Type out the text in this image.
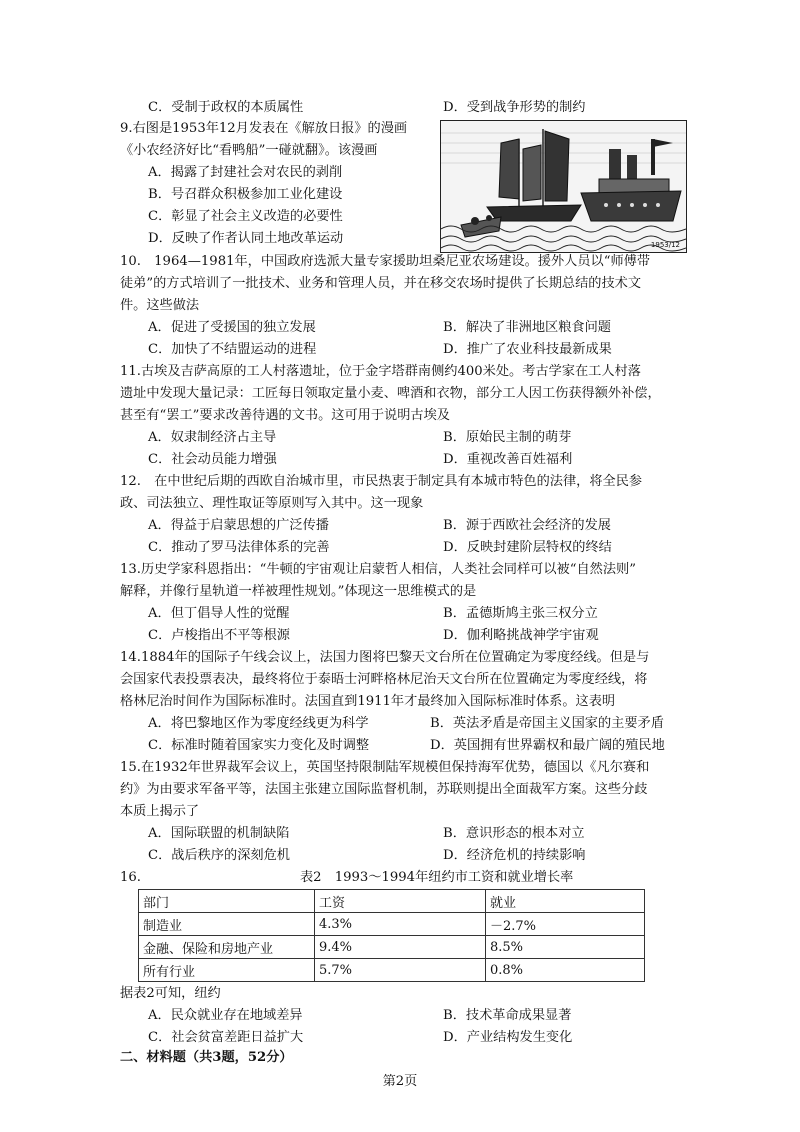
C．受制于政权的本质属性	D．受到战争形势的制约
9.右图是1953年12月发表在《解放日报》的漫画
《小农经济好比“看鸭船”一碰就翻》。该漫画
A．揭露了封建社会对农民的剥削
B．号召群众积极参加工业化建设
C．彰显了社会主义改造的必要性
D．反映了作者认同土地改革运动	1953/12
10.　1964—1981年，中国政府选派大量专家援助坦桑尼亚农场建设。援外人员以“师傅带
徒弟”的方式培训了一批技术、业务和管理人员，并在移交农场时提供了长期总结的技术文
件。这些做法
A．促进了受援国的独立发展	B．解决了非洲地区粮食问题
C．加快了不结盟运动的进程	D．推广了农业科技最新成果
11.古埃及吉萨高原的工人村落遗址，位于金字塔群南侧约400米处。考古学家在工人村落
遗址中发现大量记录：工匠每日领取定量小麦、啤酒和衣物，部分工人因工伤获得额外补偿，
甚至有“罢工”要求改善待遇的文书。这可用于说明古埃及
A．奴隶制经济占主导	B．原始民主制的萌芽
C．社会动员能力增强	D．重视改善百姓福利
12.　在中世纪后期的西欧自治城市里，市民热衷于制定具有本城市特色的法律，将全民参
政、司法独立、理性取证等原则写入其中。这一现象
A．得益于启蒙思想的广泛传播	B．源于西欧社会经济的发展
C．推动了罗马法律体系的完善	D．反映封建阶层特权的终结
13.历史学家科恩指出：“牛顿的宇宙观让启蒙哲人相信，人类社会同样可以被“自然法则”
解释，并像行星轨道一样被理性规划。”体现这一思维模式的是
A．但丁倡导人性的觉醒	B．孟德斯鸠主张三权分立
C．卢梭指出不平等根源	D．伽利略挑战神学宇宙观
14.1884年的国际子午线会议上，法国力图将巴黎天文台所在位置确定为零度经线。但是与
会国家代表投票表决，最终将位于泰晤士河畔格林尼治天文台所在位置确定为零度经线，将
格林尼治时间作为国际标准时。法国直到1911年才最终加入国际标准时体系。这表明
A．将巴黎地区作为零度经线更为科学	B．英法矛盾是帝国主义国家的主要矛盾
C．标准时随着国家实力变化及时调整	D．英国拥有世界霸权和最广阔的殖民地
15.在1932年世界裁军会议上，英国坚持限制陆军规模但保持海军优势，德国以《凡尔赛和
约》为由要求军备平等，法国主张建立国际监督机制，苏联则提出全面裁军方案。这些分歧
本质上揭示了
A．国际联盟的机制缺陷	B．意识形态的根本对立
C．战后秩序的深刻危机	D．经济危机的持续影响
16.	表2　1993～1994年纽约市工资和就业增长率
部门	工资	就业
制造业	4.3%	－2.7%
金融、保险和房地产业	9.4%	8.5%
所有行业	5.7%	0.8%
据表2可知，纽约
A．民众就业存在地域差异	B．技术革命成果显著
C．社会贫富差距日益扩大	D．产业结构发生变化
二、材料题（共3题，52分）
第2页
